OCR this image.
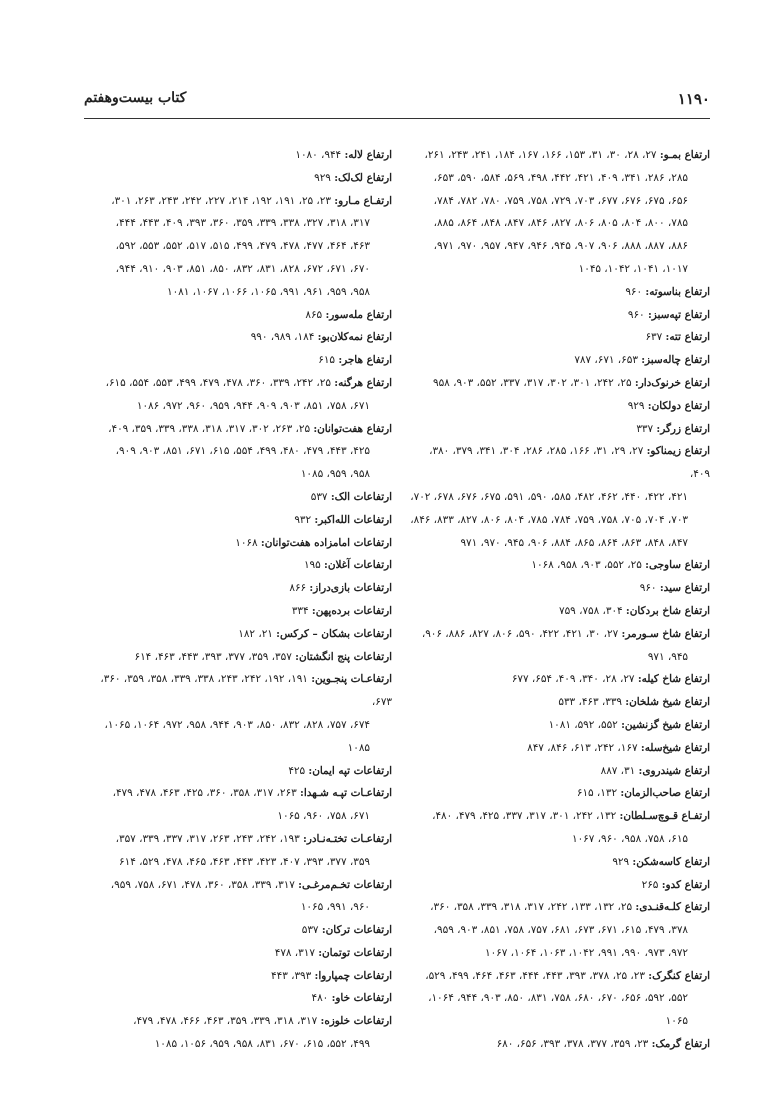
۱۱۹۰
کتاب بیست‌وهفتم

ارتفاع بمـو: ۲۷، ۲۸، ۳۰، ۳۱، ۱۵۳، ۱۶۶، ۱۶۷، ۱۸۴، ۲۴۱، ۲۴۳، ۲۶۱،
۲۸۵، ۲۸۶، ۳۴۱، ۴۰۹، ۴۲۱، ۴۴۲، ۴۹۸، ۵۶۹، ۵۸۴، ۵۹۰، ۶۵۳،
۶۵۶، ۶۷۵، ۶۷۶، ۶۷۷، ۷۰۳، ۷۲۹، ۷۵۸، ۷۵۹، ۷۸۰، ۷۸۲، ۷۸۴،
۷۸۵، ۸۰۰، ۸۰۴، ۸۰۵، ۸۰۶، ۸۲۷، ۸۴۶، ۸۴۷، ۸۴۸، ۸۶۴، ۸۸۵،
۸۸۶، ۸۸۷، ۸۸۸، ۹۰۶، ۹۰۷، ۹۴۵، ۹۴۶، ۹۴۷، ۹۵۷، ۹۷۰، ۹۷۱،
۱۰۱۷، ۱۰۴۱، ۱۰۴۲، ۱۰۴۵

ارتفاع بناسوته: ۹۶۰

ارتفاع تپه‌سبز: ۹۶۰

ارتفاع تته: ۶۳۷

ارتفاع چاله‌سبز: ۶۵۳، ۶۷۱، ۷۸۷

ارتفاع خرنوک‌دار: ۲۵، ۲۴۲، ۳۰۱، ۳۰۲، ۳۱۷، ۳۳۷، ۵۵۲، ۹۰۳، ۹۵۸

ارتفاع دولکان: ۹۲۹

ارتفاع زرگر: ۳۳۷

ارتفاع زیمناکو: ۲۷، ۲۹، ۳۱، ۱۶۶، ۲۸۵، ۲۸۶، ۳۰۴، ۳۴۱، ۳۷۹، ۳۸۰، ۴۰۹،
۴۲۱، ۴۲۲، ۴۴۰، ۴۶۲، ۴۸۲، ۵۸۵، ۵۹۰، ۵۹۱، ۶۷۵، ۶۷۶، ۶۷۸، ۷۰۲،
۷۰۳، ۷۰۴، ۷۰۵، ۷۵۸، ۷۵۹، ۷۸۴، ۷۸۵، ۸۰۴، ۸۰۶، ۸۲۷، ۸۳۳، ۸۴۶،
۸۴۷، ۸۴۸، ۸۶۳، ۸۶۴، ۸۶۵، ۸۸۴، ۹۰۶، ۹۴۵، ۹۷۰، ۹۷۱

ارتفاع ساوجی: ۲۵، ۵۵۲، ۹۰۳، ۹۵۸، ۱۰۶۸

ارتفاع سید: ۹۶۰

ارتفاع شاخ بردکان: ۳۰۴، ۷۵۸، ۷۵۹

ارتفاع شاخ سـورمر: ۲۷، ۳۰، ۴۲۱، ۴۲۲، ۵۹۰، ۸۰۶، ۸۲۷، ۸۸۶، ۹۰۶،
۹۴۵، ۹۷۱

ارتفاع شاخ کیله: ۲۷، ۲۸، ۳۴۰، ۴۰۹، ۶۵۴، ۶۷۷

ارتفاع شیخ شلخان: ۳۳۹، ۴۶۳، ۵۳۳

ارتفاع شیخ گزنشین: ۵۵۲، ۵۹۲، ۱۰۸۱

ارتفاع شیخ‌سله: ۱۶۷، ۲۴۲، ۶۱۳، ۸۴۶، ۸۴۷

ارتفاع شیندروی: ۳۱، ۸۸۷

ارتفاع صاحب‌الزمان: ۱۳۲، ۶۱۵

ارتفـاع قـوچ‌سـلطان: ۱۳۲، ۲۴۲، ۳۰۱، ۳۱۷، ۳۳۷، ۴۲۵، ۴۷۹، ۴۸۰،
۶۱۵، ۷۵۸، ۹۵۸، ۹۶۰، ۱۰۶۷

ارتفاع کاسه‌شکن: ۹۲۹

ارتفاع کدو: ۲۶۵

ارتفاع کلـه‌قنـدی: ۲۵، ۱۳۲، ۱۳۳، ۲۴۲، ۳۱۷، ۳۱۸، ۳۳۹، ۳۵۸، ۳۶۰،
۳۷۸، ۴۷۹، ۶۱۵، ۶۷۱، ۶۷۳، ۶۸۱، ۷۵۷، ۷۵۸، ۸۵۱، ۹۰۳، ۹۵۹،
۹۷۲، ۹۷۳، ۹۹۰، ۹۹۱، ۱۰۴۲، ۱۰۶۳، ۱۰۶۴، ۱۰۶۷

ارتفاع کنگرک: ۲۳، ۲۵، ۳۷۸، ۳۹۳، ۴۴۳، ۴۴۴، ۴۶۳، ۴۶۴، ۴۹۹، ۵۲۹،
۵۵۲، ۵۹۲، ۶۵۶، ۶۷۰، ۶۸۰، ۷۵۸، ۸۳۱، ۸۵۰، ۹۰۳، ۹۴۴، ۱۰۶۴، ۱۰۶۵

ارتفاع گرمک: ۲۳، ۳۵۹، ۳۷۷، ۳۷۸، ۳۹۳، ۶۵۶، ۶۸۰

ارتفاع لاله: ۹۴۴، ۱۰۸۰

ارتفاع لک‌لک: ۹۲۹

ارتفـاع مـارو: ۲۳، ۲۵، ۱۹۱، ۱۹۲، ۲۱۴، ۲۲۷، ۲۴۲، ۲۴۳، ۲۶۳، ۳۰۱،
۳۱۷، ۳۱۸، ۳۲۷، ۳۳۸، ۳۳۹، ۳۵۹، ۳۶۰، ۳۹۳، ۴۰۹، ۴۴۳، ۴۴۴،
۴۶۳، ۴۶۴، ۴۷۷، ۴۷۸، ۴۷۹، ۴۹۹، ۵۱۵، ۵۱۷، ۵۵۲، ۵۵۳، ۵۹۲،
۶۷۰، ۶۷۱، ۶۷۲، ۸۲۸، ۸۳۱، ۸۳۲، ۸۵۰، ۸۵۱، ۹۰۳، ۹۱۰، ۹۴۴،
۹۵۸، ۹۵۹، ۹۶۱، ۹۹۱، ۱۰۶۵، ۱۰۶۶، ۱۰۶۷، ۱۰۸۱

ارتفاع مله‌سور: ۸۶۵

ارتفاع نمه‌کلان‌بو: ۱۸۴، ۹۸۹، ۹۹۰

ارتفاع هاجر: ۶۱۵

ارتفاع هرگنه: ۲۵، ۲۴۲، ۳۳۹، ۳۶۰، ۴۷۸، ۴۷۹، ۴۹۹، ۵۵۳، ۵۵۴، ۶۱۵،
۶۷۱، ۷۵۸، ۸۵۱، ۹۰۳، ۹۰۹، ۹۴۴، ۹۵۹، ۹۶۰، ۹۷۲، ۱۰۸۶

ارتفاع هفت‌توانان: ۲۵، ۲۶۳، ۳۰۲، ۳۱۷، ۳۱۸، ۳۳۸، ۳۳۹، ۳۵۹، ۴۰۹،
۴۲۵، ۴۴۳، ۴۷۹، ۴۸۰، ۴۹۹، ۵۵۴، ۶۱۵، ۶۷۱، ۸۵۱، ۹۰۳، ۹۰۹،
۹۵۸، ۹۵۹، ۱۰۸۵

ارتفاعات الک: ۵۳۷

ارتفاعات الله‌اکبر: ۹۳۲

ارتفاعات امامزاده هفت‌توانان: ۱۰۶۸

ارتفاعات آغلان: ۱۹۵

ارتفاعات بازی‌دراز: ۸۶۶

ارتفاعات برده‌پهن: ۳۳۴

ارتفاعات بشکان – کرکس: ۲۱، ۱۸۲

ارتفاعات پنج انگشتان: ۳۵۷، ۳۵۹، ۳۷۷، ۳۹۳، ۴۴۳، ۴۶۳، ۶۱۴

ارتفاعـات پنجـوین: ۱۹۱، ۱۹۲، ۲۴۲، ۲۴۳، ۳۳۸، ۳۳۹، ۳۵۸، ۳۵۹، ۳۶۰، ۶۷۳،
۶۷۴، ۷۵۷، ۸۲۸، ۸۳۲، ۸۵۰، ۹۰۳، ۹۴۴، ۹۵۸، ۹۷۲، ۱۰۶۴، ۱۰۶۵، ۱۰۸۵

ارتفاعات تپه ایمان: ۴۲۵

ارتفاعـات تپـه شـهدا: ۲۶۳، ۳۱۷، ۳۵۸، ۳۶۰، ۴۲۵، ۴۶۳، ۴۷۸، ۴۷۹،
۶۷۱، ۷۵۸، ۹۶۰، ۱۰۶۵

ارتفاعـات تختـه‌نـادر: ۱۹۳، ۲۴۲، ۲۴۳، ۲۶۳، ۳۱۷، ۳۳۷، ۳۳۹، ۳۵۷،
۳۵۹، ۳۷۷، ۳۹۳، ۴۰۷، ۴۲۳، ۴۴۳، ۴۶۳، ۴۶۵، ۴۷۸، ۵۲۹، ۶۱۴

ارتفاعات تخـم‌مرغـی: ۳۱۷، ۳۳۹، ۳۵۸، ۳۶۰، ۴۷۸، ۶۷۱، ۷۵۸، ۹۵۹،
۹۶۰، ۹۹۱، ۱۰۶۵

ارتفاعات ترکان: ۵۳۷

ارتفاعات توتمان: ۳۱۷، ۴۷۸

ارتفاعات چمپاروا: ۳۹۳، ۴۴۳

ارتفاعات خاو: ۴۸۰

ارتفاعات خلوزه: ۳۱۷، ۳۱۸، ۳۳۹، ۳۵۹، ۴۶۳، ۴۶۶، ۴۷۸، ۴۷۹،
۴۹۹، ۵۵۲، ۶۱۵، ۶۷۰، ۸۳۱، ۹۵۸، ۹۵۹، ۱۰۵۶، ۱۰۸۵
